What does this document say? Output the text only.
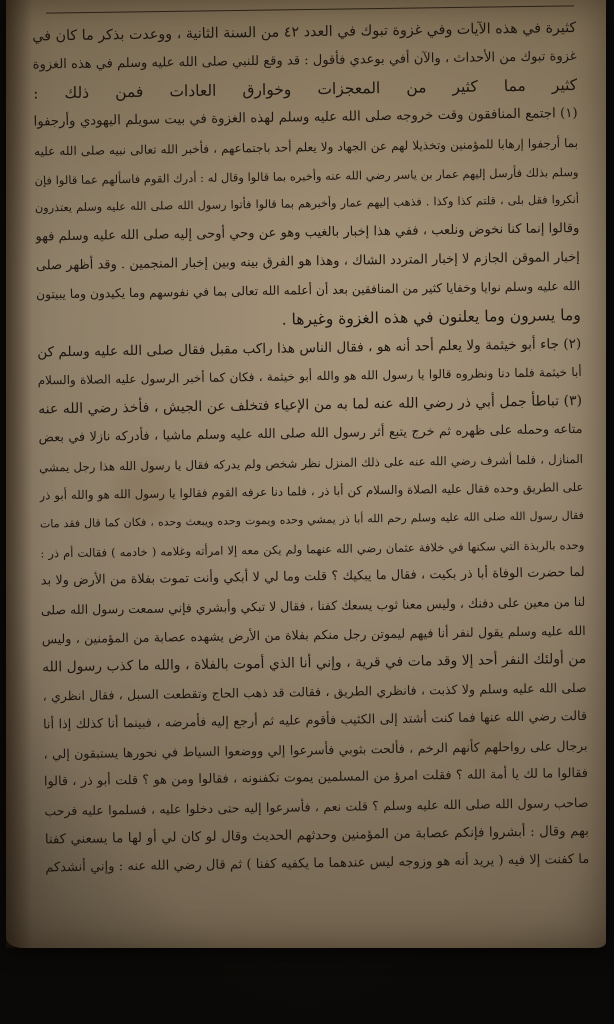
كثيرة في هذه الآيات وفي غزوة تبوك في العدد ٤٢ من السنة الثانية ، ووعدت بذكر ما كان في
غزوة تبوك من الأحداث ، والآن أفي بوعدي فأقول : قد وقع للنبي صلى الله عليه وسلم في هذه الغزوة
كثير مما كثير من المعجزات وخوارق العادات فمن ذلك :
(١) اجتمع المنافقون وقت خروجه صلى الله عليه وسلم لهذه الغزوة في بيت سويلم اليهودي وأرجفوا
بما أرجفوا إرهابا للمؤمنين وتخذيلا لهم عن الجهاد ولا يعلم أحد باجتماعهم ، فأخبر الله تعالى نبيه صلى الله عليه
وسلم بذلك فأرسل إليهم عمار بن ياسر رضي الله عنه وأخبره بما قالوا وقال له : أدرك القوم فاسألهم عما قالوا فإن
أنكروا فقل بلى ، قلتم كذا وكذا . فذهب إليهم عمار وأخبرهم بما قالوا فأتوا رسول الله صلى الله عليه وسلم يعتذرون
وقالوا إنما كنا نخوض ونلعب ، ففي هذا إخبار بالغيب وهو عن وحي أوحى إليه صلى الله عليه وسلم فهو
إخبار الموقن الجازم لا إخبار المتردد الشاك ، وهذا هو الفرق بينه وبين إخبار المنجمين . وقد أظهر صلى
الله عليه وسلم نوايا وخفايا كثير من المنافقين بعد أن أعلمه الله تعالى بما في نفوسهم وما يكيدون وما يبيتون
وما يسرون وما يعلنون في هذه الغزوة وغيرها .
(٢) جاء أبو خيثمة ولا يعلم أحد أنه هو ، فقال الناس هذا راكب مقبل فقال صلى الله عليه وسلم كن
أبا خيثمة فلما دنا ونظروه قالوا يا رسول الله هو والله أبو خيثمة ، فكان كما أخبر الرسول عليه الصلاة والسلام
(٣) تباطأ جمل أبي ذر رضي الله عنه لما به من الإعياء فتخلف عن الجيش ، فأخذ رضي الله عنه
متاعه وحمله على ظهره ثم خرج يتبع أثر رسول الله صلى الله عليه وسلم ماشيا ، فأدركه نازلا في بعض
المنازل ، فلما أشرف رضي الله عنه على ذلك المنزل نظر شخص ولم يدركه فقال يا رسول الله هذا رجل يمشي
على الطريق وحده فقال عليه الصلاة والسلام كن أبا ذر ، فلما دنا عرفه القوم فقالوا يا رسول الله هو والله أبو ذر
فقال رسول الله صلى الله عليه وسلم رحم الله أبا ذر يمشي وحده ويموت وحده ويبعث وحده ، فكان كما قال فقد مات
وحده بالربذة التي سكنها في خلافة عثمان رضي الله عنهما ولم يكن معه إلا امرأته وغلامه ( خادمه ) فقالت أم ذر :
لما حضرت الوفاة أبا ذر بكيت ، فقال ما يبكيك ؟ قلت وما لي لا أبكي وأنت تموت بفلاة من الأرض ولا بد
لنا من معين على دفنك ، وليس معنا ثوب يسعك كفنا ، فقال لا تبكي وأبشري فإني سمعت رسول الله صلى
الله عليه وسلم يقول لنفر أنا فيهم ليموتن رجل منكم بفلاة من الأرض يشهده عصابة من المؤمنين ، وليس
من أولئك النفر أحد إلا وقد مات في قرية ، وإني أنا الذي أموت بالفلاة ، والله ما كذب رسول الله
صلى الله عليه وسلم ولا كذبت ، فانظري الطريق ، فقالت قد ذهب الحاج وتقطعت السبل ، فقال انظري ،
قالت رضي الله عنها فما كنت أشتد إلى الكثيب فأقوم عليه ثم أرجع إليه فأمرضه ، فبينما أنا كذلك إذا أنا
برجال على رواحلهم كأنهم الرخم ، فألحت بثوبي فأسرعوا إلي ووضعوا السياط في نحورها يستبقون إلي ،
فقالوا ما لك يا أمة الله ؟ فقلت امرؤ من المسلمين يموت تكفنونه ، فقالوا ومن هو ؟ قلت أبو ذر ، قالوا
صاحب رسول الله صلى الله عليه وسلم ؟ قلت نعم ، فأسرعوا إليه حتى دخلوا عليه ، فسلموا عليه فرحب
بهم وقال : أبشروا فإنكم عصابة من المؤمنين وحدثهم الحديث وقال لو كان لي أو لها ما يسعني كفنا
ما كفنت إلا فيه ( يريد أنه هو وزوجه ليس عندهما ما يكفيه كفنا ) ثم قال رضي الله عنه : وإني أنشدكم
